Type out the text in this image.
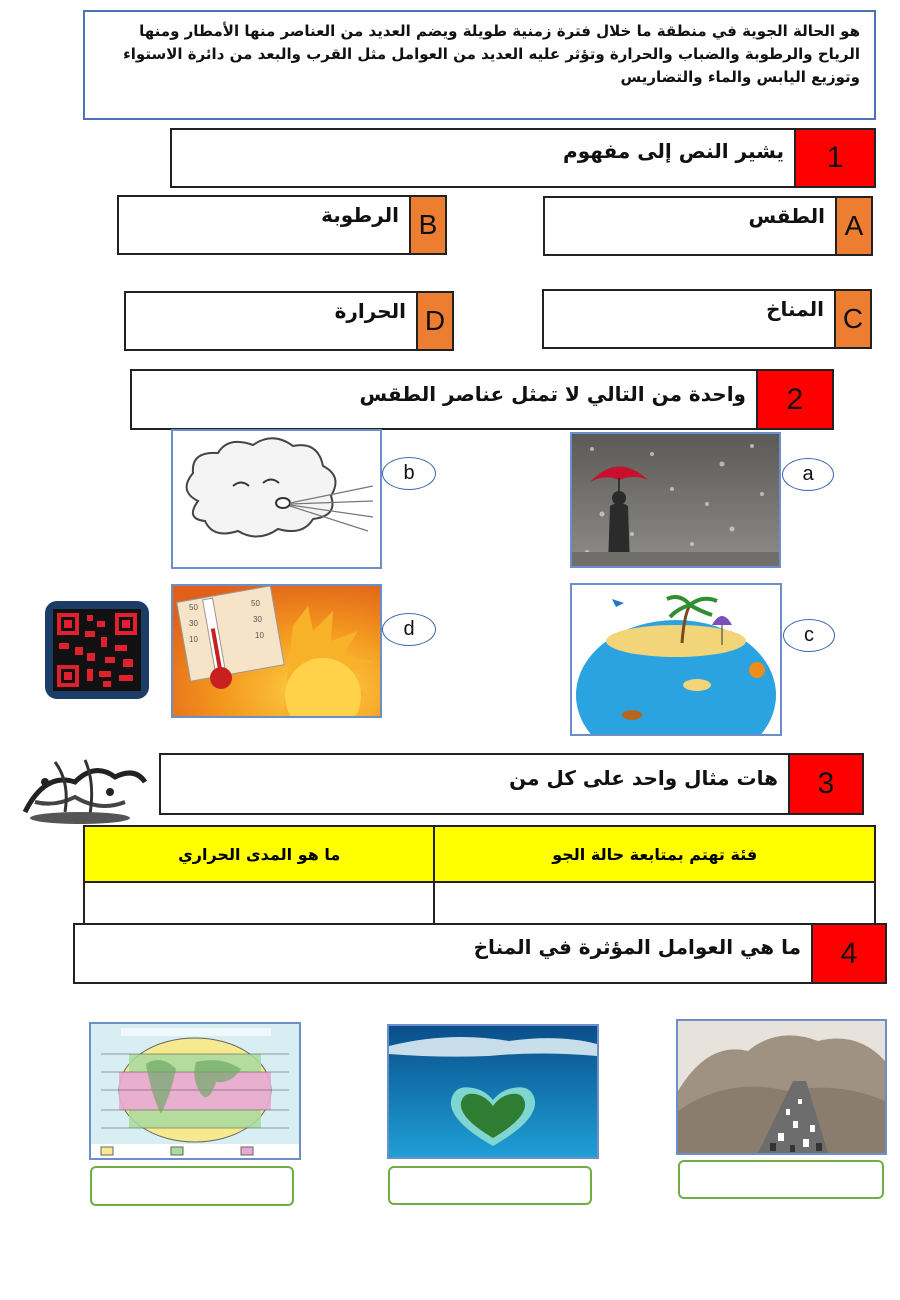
هو الحالة الجوية في منطقة ما خلال فترة زمنية طويلة ويضم العديد من العناصر منها الأمطار ومنها الرياح والرطوبة والضباب والحرارة وتؤثر عليه العديد من العوامل مثل القرب والبعد من دائرة الاستواء وتوزيع اليابس والماء والتضاريس
1
يشير النص إلى مفهوم
A
الطقس
B
الرطوبة
C
المناخ
D
الحرارة
2
واحدة من التالي لا تمثل عناصر الطقس
a
b
c
50
30
10
50
30
10	d
3
هات مثال واحد على كل من
فئة تهتم بمتابعة حالة الجو	ما هو المدى الحراري

4
ما هي العوامل المؤثرة في المناخ
